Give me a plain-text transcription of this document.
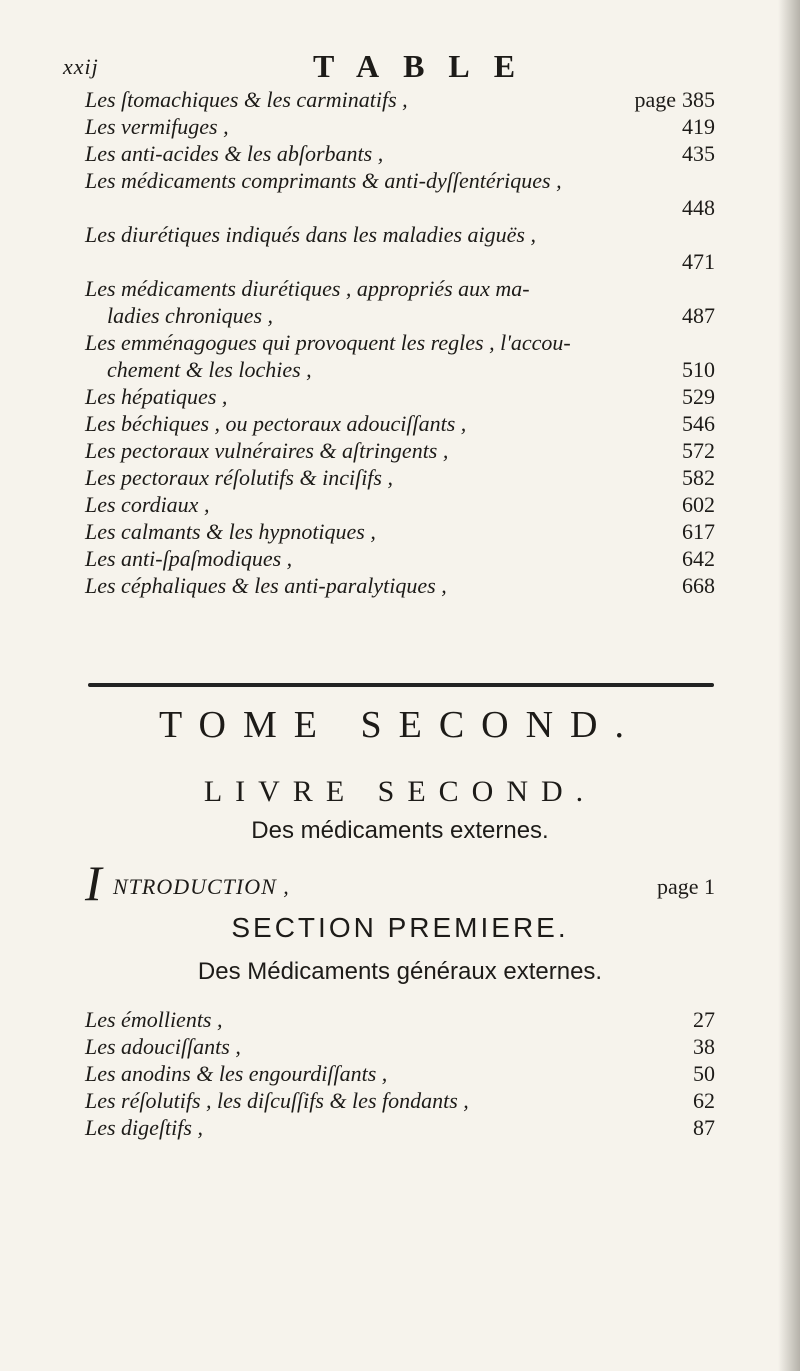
xxij	TABLE
Les ſtomachiques & les carminatifs ,	page 385
Les vermifuges ,	419
Les anti-acides & les abſorbants ,	435
Les médicaments comprimants & anti-dyſſentériques ,
448
Les diurétiques indiqués dans les maladies aiguës ,
471
Les médicaments diurétiques , appropriés aux ma-
ladies chroniques ,	487
Les emménagogues qui provoquent les regles , l'accou-
chement & les lochies ,	510
Les hépatiques ,	529
Les béchiques , ou pectoraux adouciſſants ,	546
Les pectoraux vulnéraires & aſtringents ,	572
Les pectoraux réſolutifs & inciſifs ,	582
Les cordiaux ,	602
Les calmants & les hypnotiques ,	617
Les anti-ſpaſmodiques ,	642
Les céphaliques & les anti-paralytiques ,	668
TOME SECOND.
LIVRE SECOND.
Des médicaments externes.
I NTRODUCTION ,	page 1
SECTION PREMIERE.
Des Médicaments généraux externes.
Les émollients ,	27
Les adouciſſants ,	38
Les anodins & les engourdiſſants ,	50
Les réſolutifs , les diſcuſſifs & les fondants ,	62
Les digeſtifs ,	87
